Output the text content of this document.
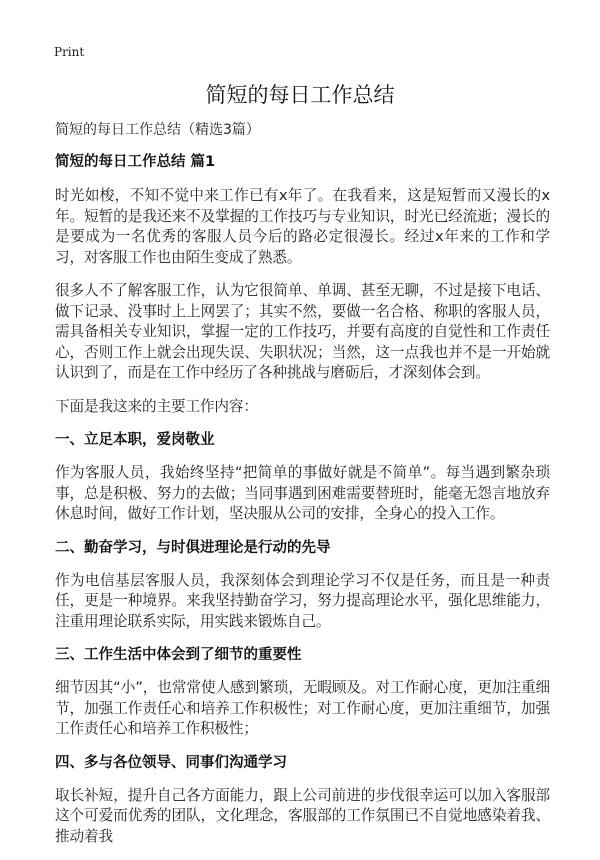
Print
简短的每日工作总结
简短的每日工作总结（精选3篇）
简短的每日工作总结 篇1

时光如梭，不知不觉中来工作已有x年了。在我看来，这是短暂而又漫长的x年。短暂的是我还来不及掌握的工作技巧与专业知识，时光已经流逝；漫长的是要成为一名优秀的客服人员今后的路必定很漫长。经过x年来的工作和学习，对客服工作也由陌生变成了熟悉。

很多人不了解客服工作，认为它很简单、单调、甚至无聊，不过是接下电话、做下记录、没事时上上网罢了；其实不然，要做一名合格、称职的客服人员，需具备相关专业知识，掌握一定的工作技巧，并要有高度的自觉性和工作责任心，否则工作上就会出现失误、失职状况；当然，这一点我也并不是一开始就认识到了，而是在工作中经历了各种挑战与磨砺后，才深刻体会到。

下面是我这来的主要工作内容：

一、立足本职，爱岗敬业

作为客服人员，我始终坚持“把简单的事做好就是不简单”。每当遇到繁杂琐事，总是积极、努力的去做；当同事遇到困难需要替班时，能毫无怨言地放弃休息时间，做好工作计划，坚决服从公司的安排，全身心的投入工作。

二、勤奋学习，与时俱进理论是行动的先导

作为电信基层客服人员，我深刻体会到理论学习不仅是任务，而且是一种责任，更是一种境界。来我坚持勤奋学习，努力提高理论水平，强化思维能力，注重用理论联系实际，用实践来锻炼自己。

三、工作生活中体会到了细节的重要性

细节因其“小”，也常常使人感到繁琐，无暇顾及。对工作耐心度，更加注重细节，加强工作责任心和培养工作积极性；对工作耐心度，更加注重细节，加强工作责任心和培养工作积极性；

四、多与各位领导、同事们沟通学习

取长补短，提升自己各方面能力，跟上公司前进的步伐很幸运可以加入客服部这个可爱而优秀的团队，文化理念，客服部的工作氛围已不自觉地感染着我、推动着我
